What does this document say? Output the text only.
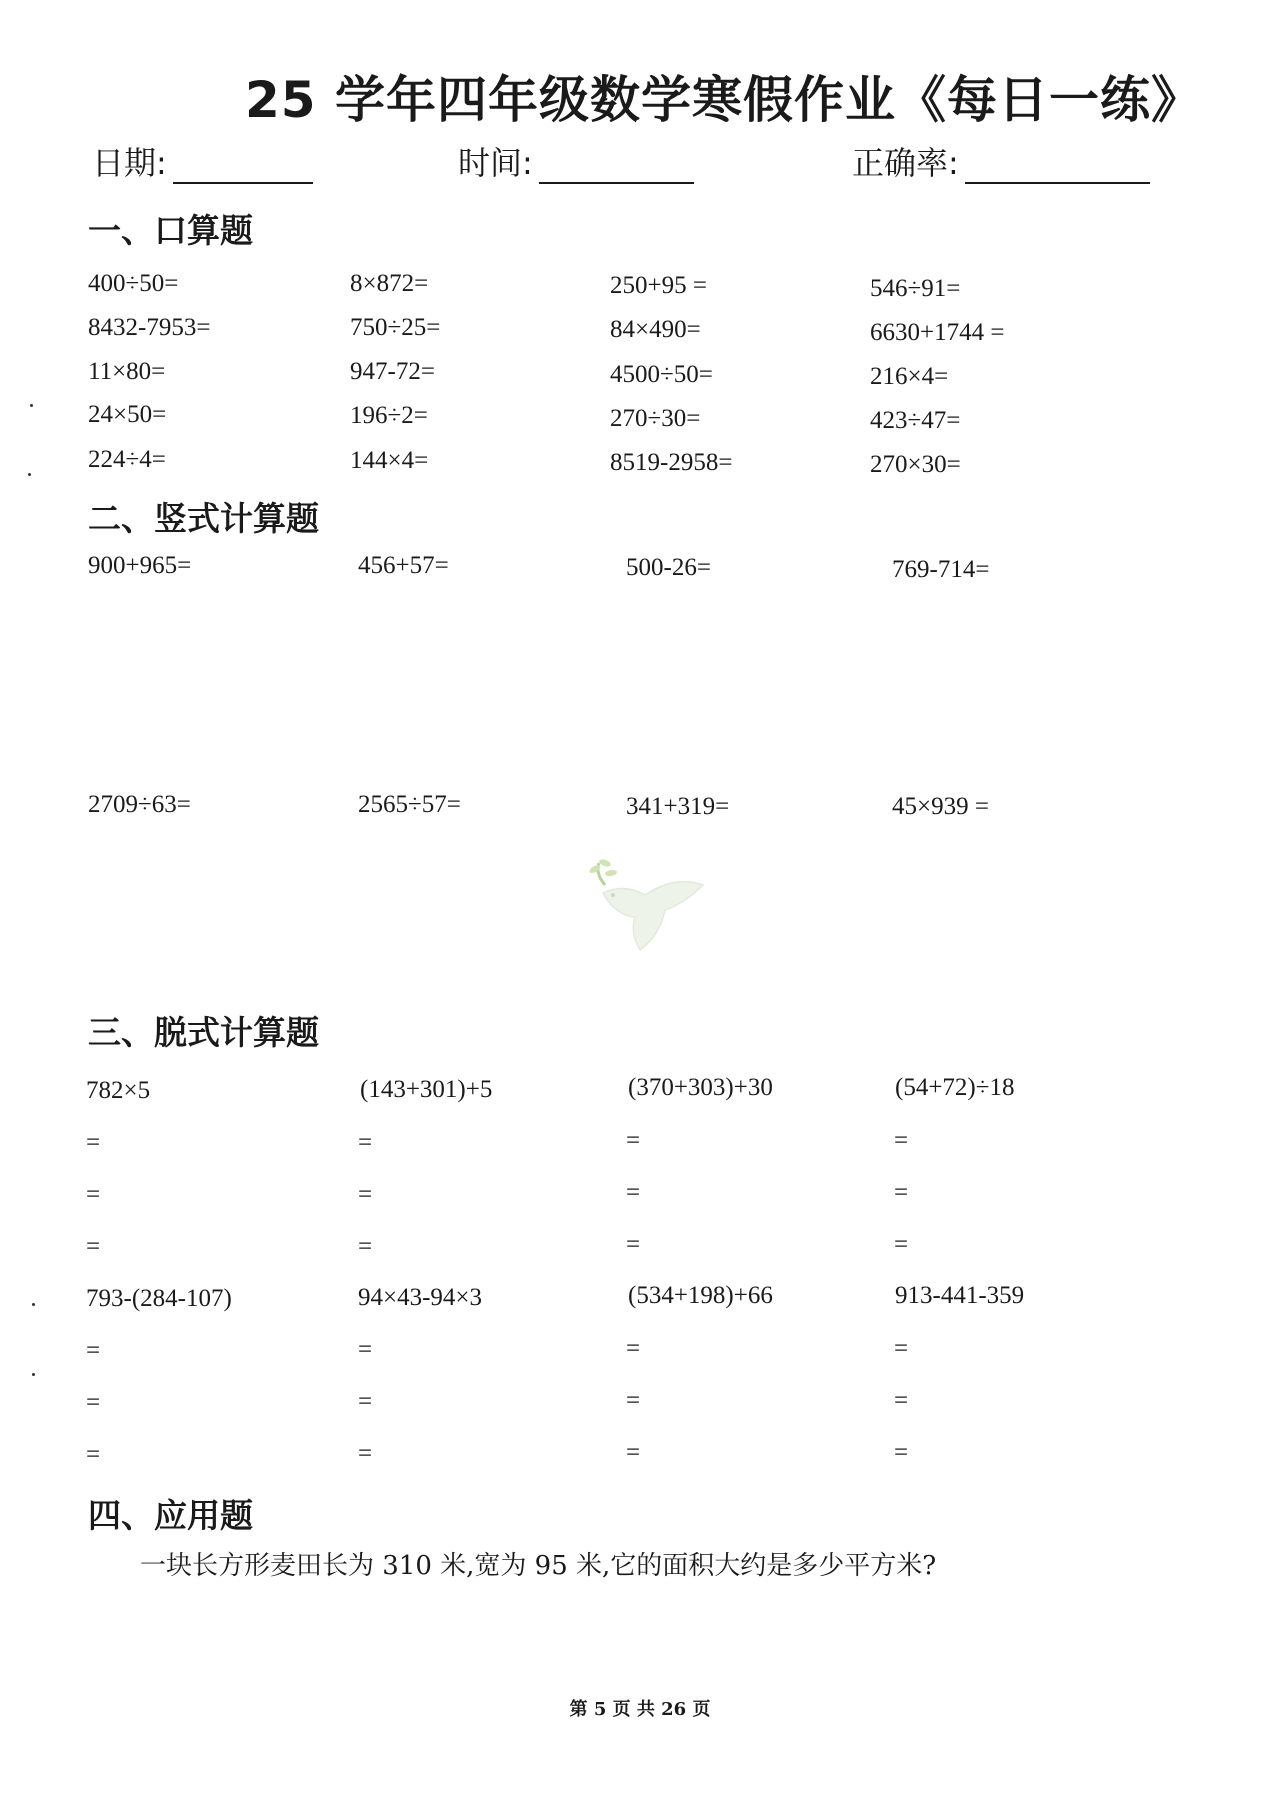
25 学年四年级数学寒假作业《每日一练》
日期:	时间:	正确率:
一、口算题
400÷50=	8×872=	250+95 =	546÷91=
8432-7953=	750÷25=	84×490=	6630+1744 =
11×80=	947-72=	4500÷50=	216×4=
24×50=	196÷2=	270÷30=	423÷47=
224÷4=	144×4=	8519-2958=	270×30=
二、竖式计算题
900+965=	456+57=	500-26=	769-714=
2709÷63=	2565÷57=	341+319=	45×939 =
三、脱式计算题
782×5	(143+301)+5	(370+303)+30	(54+72)÷18
=	=	=	=
=	=	=	=
=	=	=	=
793-(284-107)	94×43-94×3	(534+198)+66	913-441-359
=	=	=	=
=	=	=	=
=	=	=	=
四、应用题

一块长方形麦田长为 310 米,宽为 95 米,它的面积大约是多少平方米?

第 5 页 共 26 页
